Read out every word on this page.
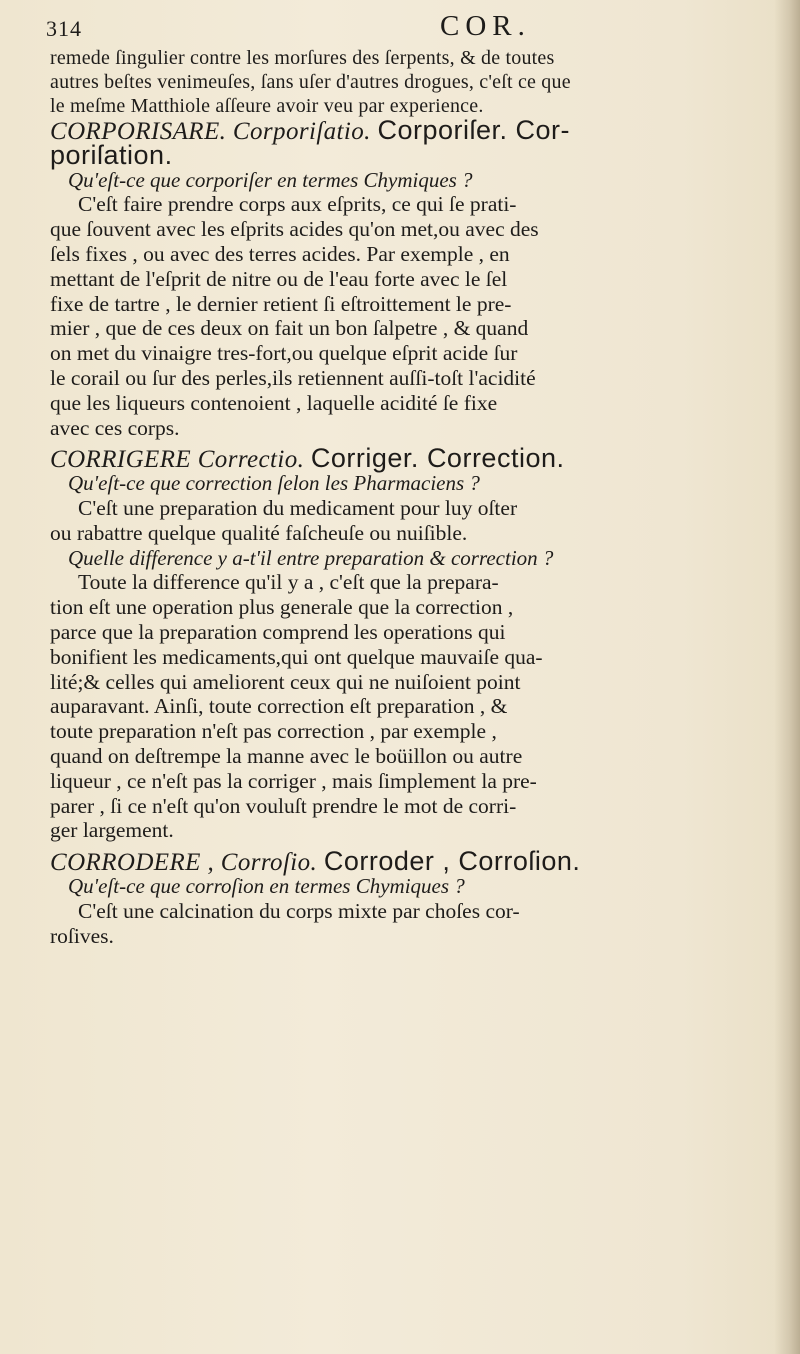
314	COR.
remede ſingulier contre les morſures des ſerpents, & de toutes
autres beſtes venimeuſes, ſans uſer d'autres drogues, c'eſt ce que
le meſme Matthiole aſſeure avoir veu par experience.
CORPORISARE. Corporiſatio. Corporiſer. Cor-
poriſation.
Qu'eſt-ce que corporiſer en termes Chymiques ?
C'eſt faire prendre corps aux eſprits, ce qui ſe prati-
que ſouvent avec les eſprits acides qu'on met,ou avec des
ſels fixes , ou avec des terres acides. Par exemple , en
mettant de l'eſprit de nitre ou de l'eau forte avec le ſel
fixe de tartre , le dernier retient ſi eſtroittement le pre-
mier , que de ces deux on fait un bon ſalpetre , & quand
on met du vinaigre tres-fort,ou quelque eſprit acide ſur
le corail ou ſur des perles,ils retiennent auſſi-toſt l'acidité
que les liqueurs contenoient , laquelle acidité ſe fixe
avec ces corps.
CORRIGERE Correctio. Corriger. Correction.
Qu'eſt-ce que correction ſelon les Pharmaciens ?
C'eſt une preparation du medicament pour luy oſter
ou rabattre quelque qualité faſcheuſe ou nuiſible.
Quelle difference y a-t'il entre preparation & correction ?
Toute la difference qu'il y a , c'eſt que la prepara-
tion eſt une operation plus generale que la correction ,
parce que la preparation comprend les operations qui
bonifient les medicaments,qui ont quelque mauvaiſe qua-
lité;& celles qui ameliorent ceux qui ne nuiſoient point
auparavant. Ainſi, toute correction eſt preparation , &
toute preparation n'eſt pas correction , par exemple ,
quand on deſtrempe la manne avec le boüillon ou autre
liqueur , ce n'eſt pas la corriger , mais ſimplement la pre-
parer , ſi ce n'eſt qu'on vouluſt prendre le mot de corri-
ger largement.
CORRODERE , Corroſio. Corroder , Corroſion.
Qu'eſt-ce que corroſion en termes Chymiques ?
C'eſt une calcination du corps mixte par choſes cor-
roſives.
